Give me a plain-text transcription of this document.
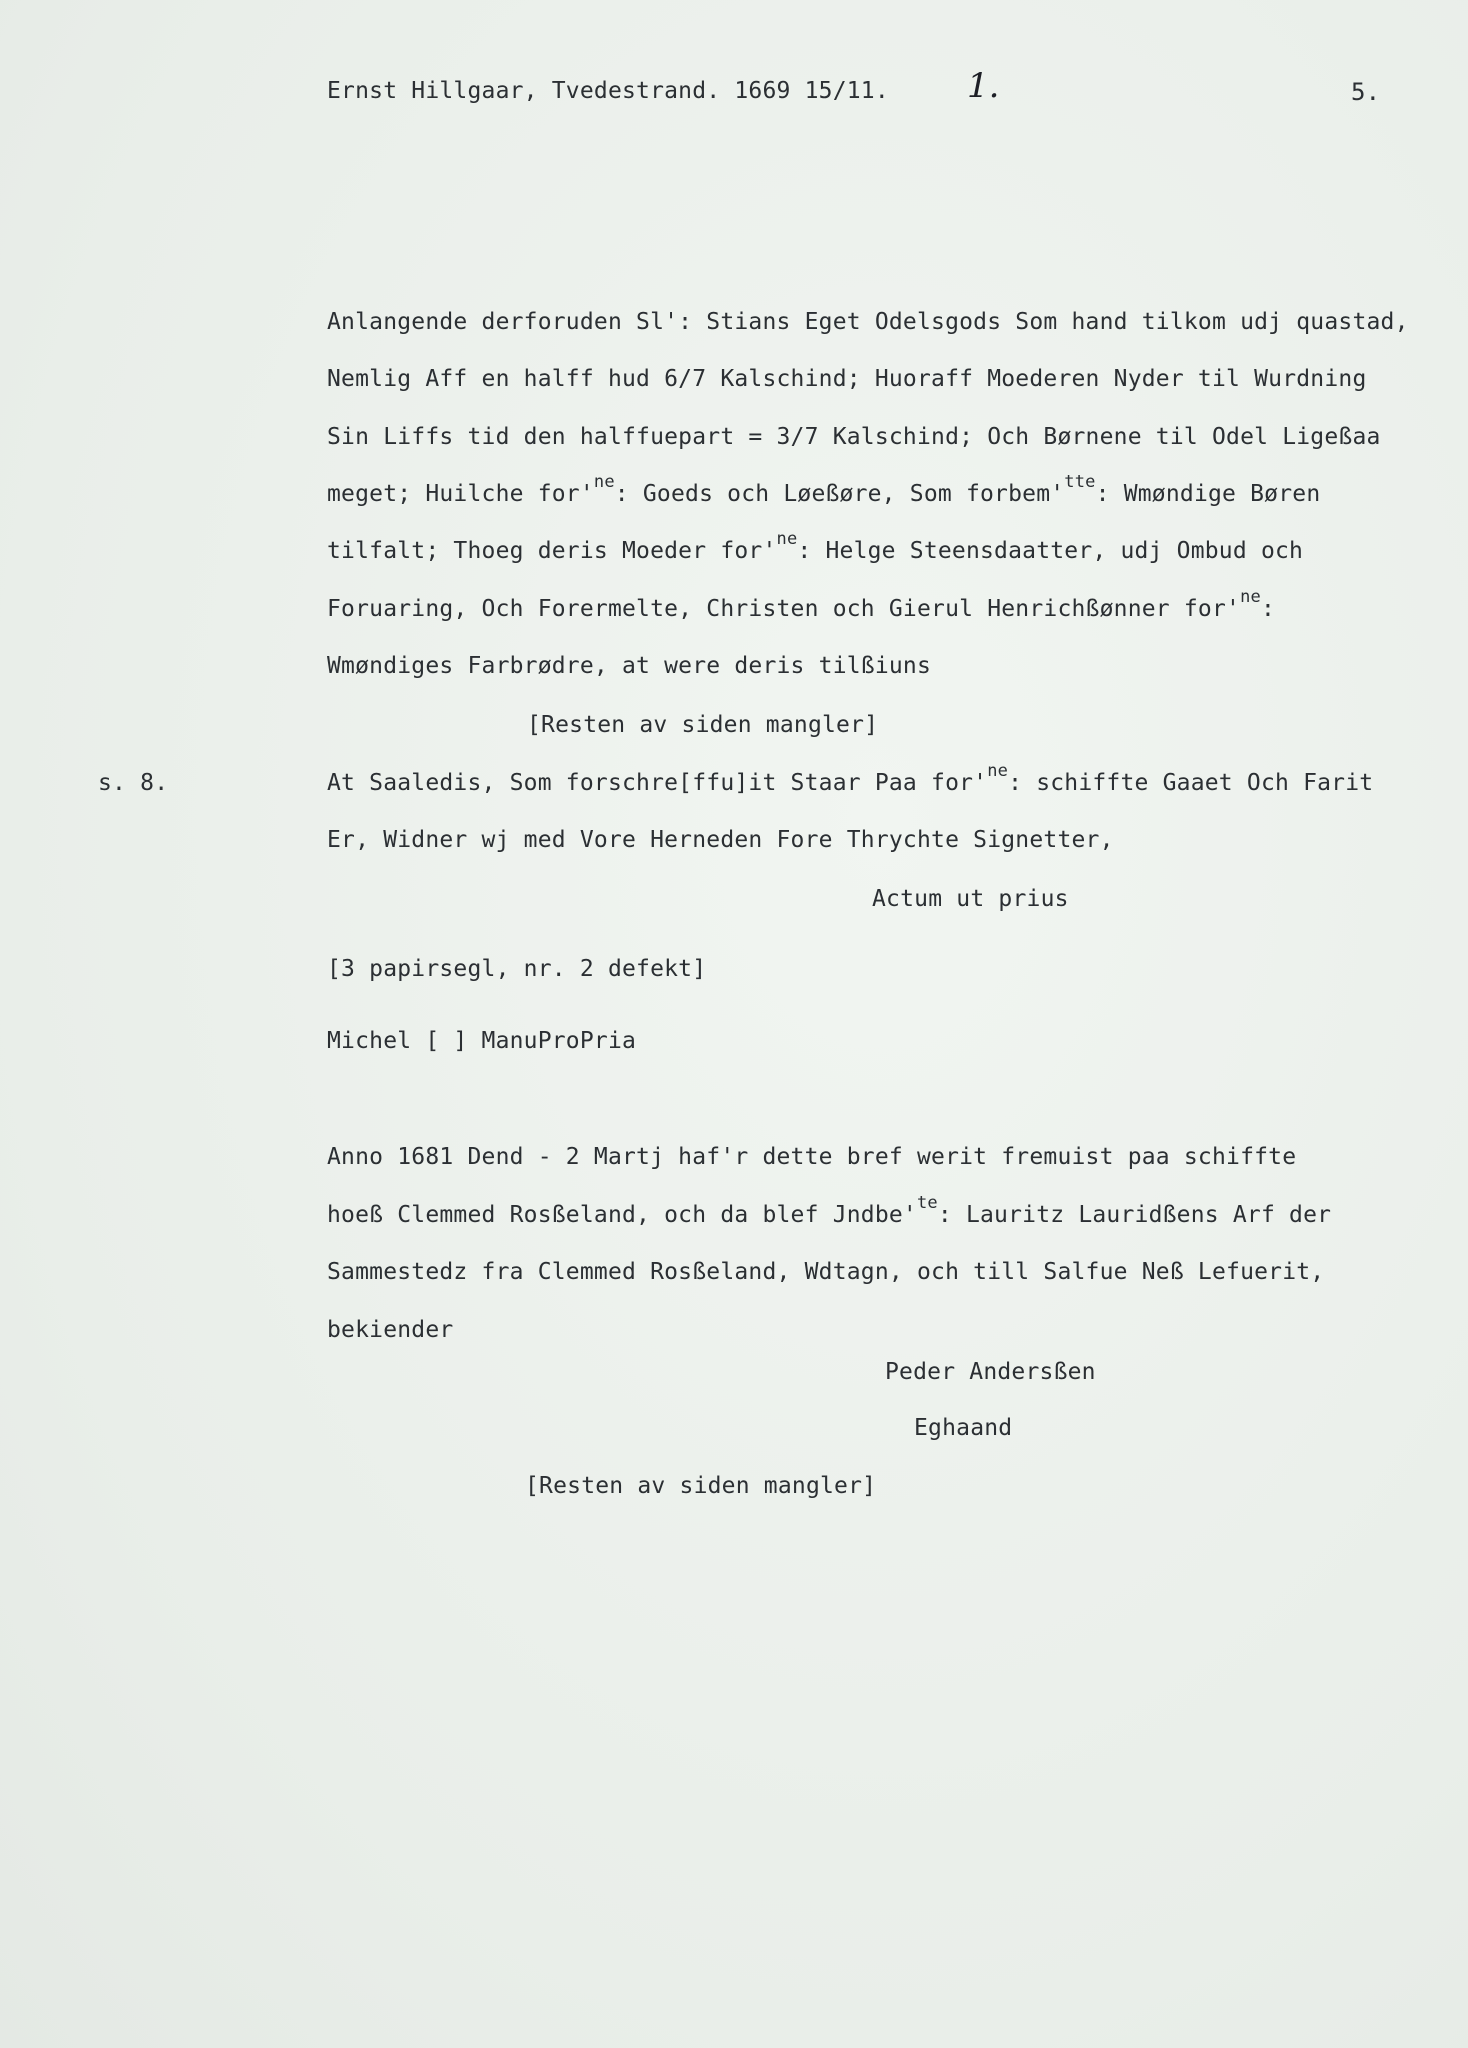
Ernst Hillgaar, Tvedestrand. 1669 15/11. 1.	5.
Anlangende derforuden Sl': Stians Eget Odelsgods Som hand tilkom udj quastad,
Nemlig Aff en halff hud 6/7 Kalschind; Huoraff Moederen Nyder til Wurdning
Sin Liffs tid den halffuepart = 3/7 Kalschind; Och Børnene til Odel Ligeßaa
meget; Huilche $for'^{ne}$: Goeds och Løeßøre, Som $forbem'^{tte}$: Wmøndige Børen
tilfalt; Thoeg deris Moeder $for'^{ne}$: Helge Steensdaatter, udj Ombud och
Foruaring, Och Forermelte, Christen och Gierul Henrichßønner $for'^{ne}$:
Wmøndiges Farbrødre, at were deris tilßiuns
[Resten av siden mangler]
s. 8.	At Saaledis, Som forschre[ffu]it Staar Paa $for'^{ne}$: schiffte Gaaet Och Farit
Er, Widner wj med Vore Herneden Fore Thrychte Signetter,
Actum ut prius
[3 papirsegl, nr. 2 defekt]
Michel [ ] ManuProPria
Anno 1681 Dend - 2 Martj haf'r dette bref werit fremuist paa schiffte
hoeß Clemmed Rosßeland, och da blef $Jndbe'^{te}$: Lauritz Lauridßens Arf der
Sammestedz fra Clemmed Rosßeland, Wdtagn, och till Salfue Neß Lefuerit,
bekiender
Peder Andersßen
Eghaand
[Resten av siden mangler]
